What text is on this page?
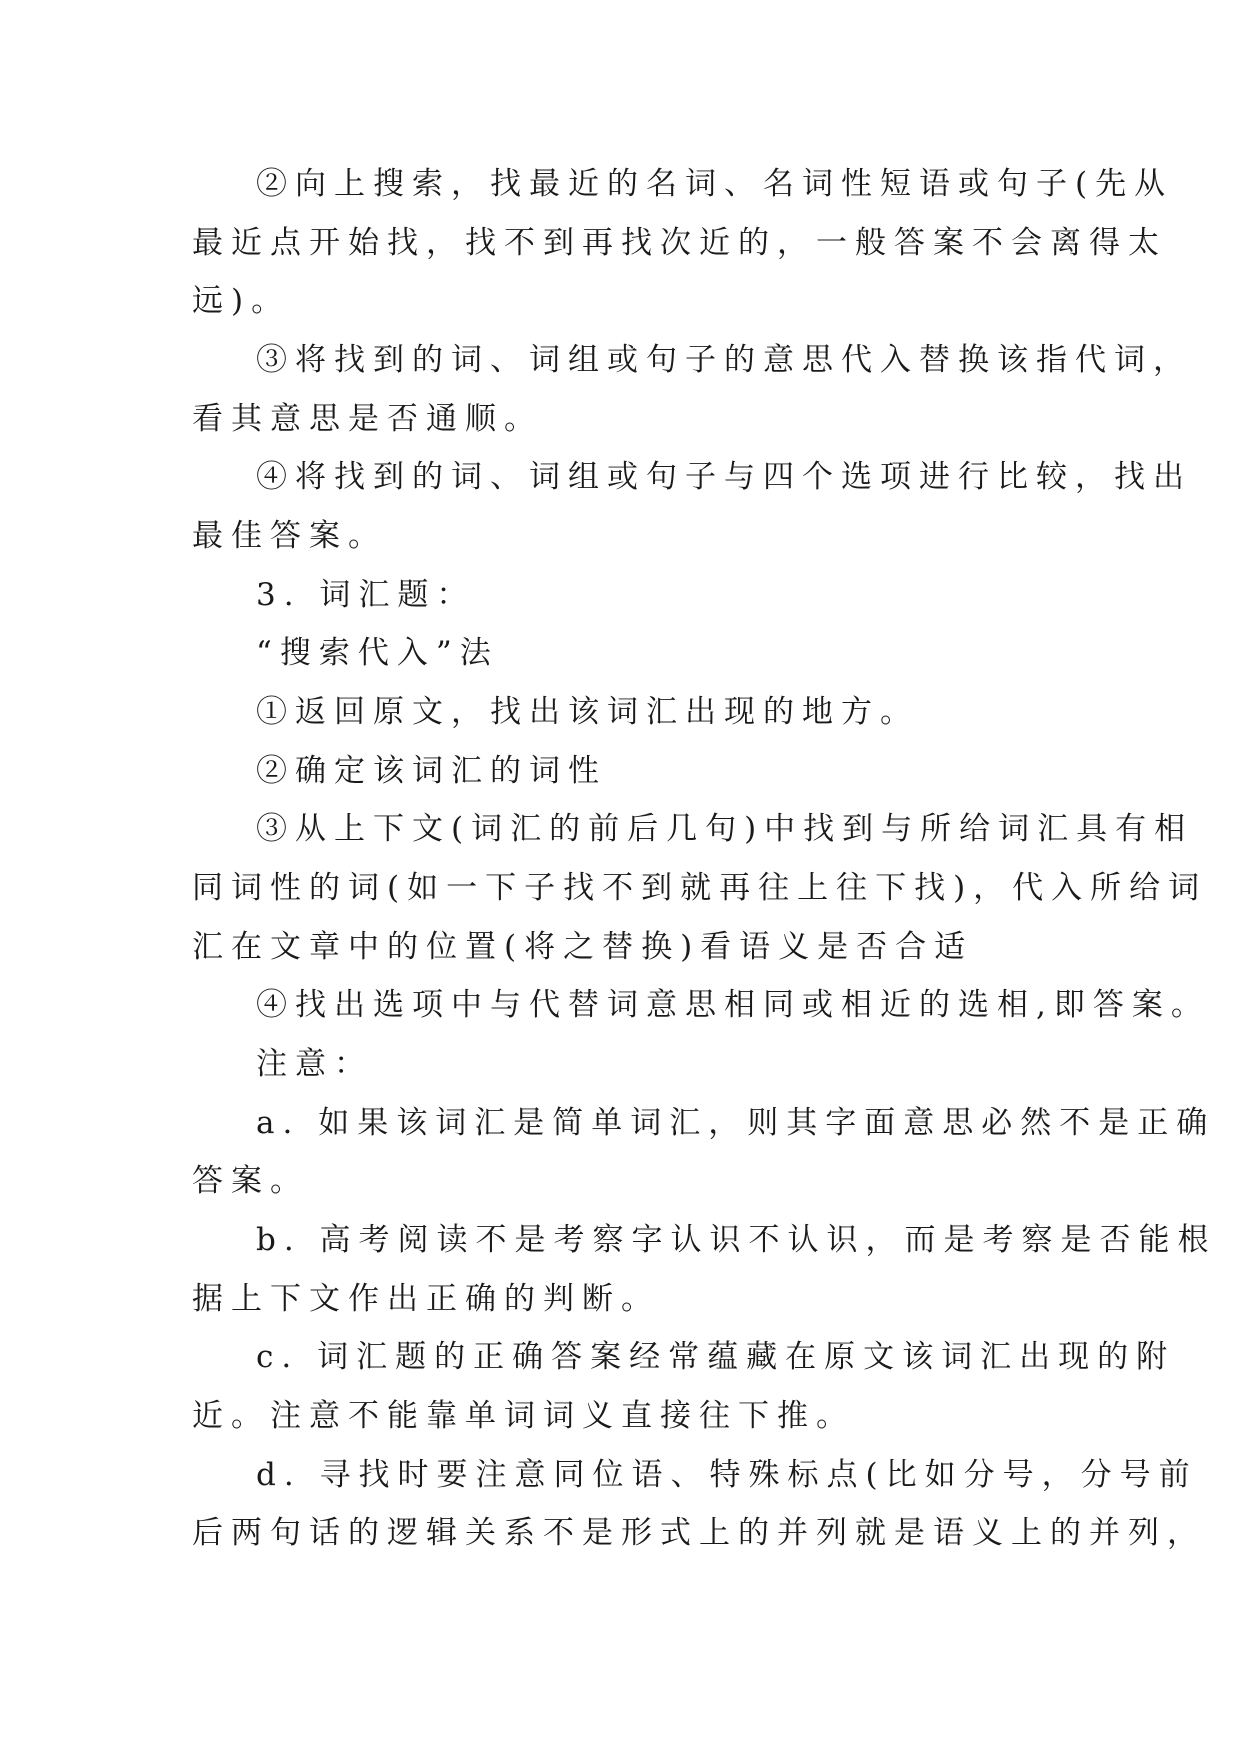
②向上搜索，找最近的名词、名词性短语或句子(先从
最近点开始找，找不到再找次近的，一般答案不会离得太
远)。
③将找到的词、词组或句子的意思代入替换该指代词，
看其意思是否通顺。
④将找到的词、词组或句子与四个选项进行比较，找出
最佳答案。
3. 词汇题：
“搜索代入”法
①返回原文，找出该词汇出现的地方。
②确定该词汇的词性
③从上下文(词汇的前后几句)中找到与所给词汇具有相
同词性的词(如一下子找不到就再往上往下找)，代入所给词
汇在文章中的位置(将之替换)看语义是否合适
④找出选项中与代替词意思相同或相近的选相,即答案。
注意：
a. 如果该词汇是简单词汇，则其字面意思必然不是正确
答案。
b. 高考阅读不是考察字认识不认识，而是考察是否能根
据上下文作出正确的判断。
c. 词汇题的正确答案经常蕴藏在原文该词汇出现的附
近。注意不能靠单词词义直接往下推。
d. 寻找时要注意同位语、特殊标点(比如分号，分号前
后两句话的逻辑关系不是形式上的并列就是语义上的并列，
